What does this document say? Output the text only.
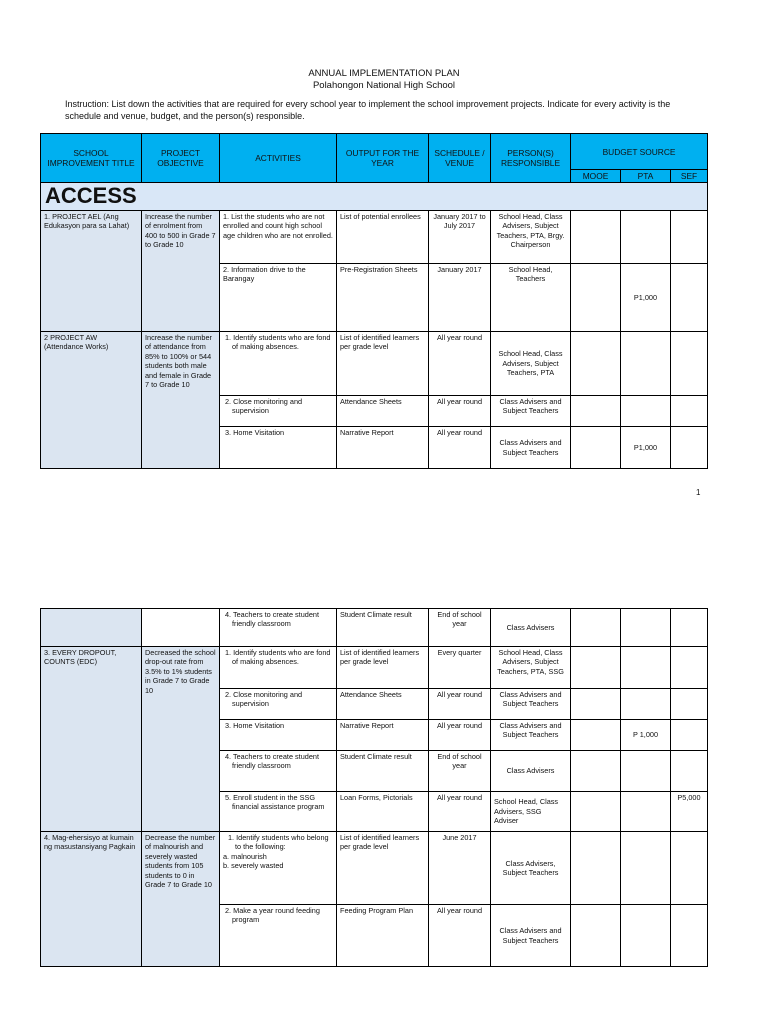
ANNUAL IMPLEMENTATION PLAN
Polahongon National High School
Instruction: List down the activities that are required for every school year to implement the school improvement projects. Indicate for every activity is the schedule and venue, budget, and the person(s) responsible.
SCHOOL IMPROVEMENT TITLE	PROJECT OBJECTIVE	ACTIVITIES	OUTPUT FOR THE YEAR	SCHEDULE / VENUE	PERSON(S) RESPONSIBLE	BUDGET SOURCE		
						MOOE	PTA	SEF
ACCESS								
1. PROJECT AEL (Ang Edukasyon para sa Lahat)	Increase the number of enrolment from 400 to 500 in Grade 7 to Grade 10	1. List the students who are not enrolled and count high school age children who are not enrolled.	List of potential enrollees	January 2017 to July 2017	School Head, Class Advisers, Subject Teachers, PTA, Brgy. Chairperson			
		2. Information drive to the Barangay	Pre-Registration Sheets	January 2017	School Head, Teachers		P1,000	
2 PROJECT AW (Attendance Works)	Increase the number of attendance from 85% to 100% or 544 students both male and female in Grade 7 to Grade 10	1. Identify students who are fond of making absences.	List of identified learners per grade level	All year round	School Head, Class Advisers, Subject Teachers, PTA			
		2. Close monitoring and supervision	Attendance Sheets	All year round	Class Advisers and Subject Teachers			
		3. Home Visitation	Narrative Report	All year round	Class Advisers and Subject Teachers		P1,000	
1
		4. Teachers to create student friendly classroom	Student Climate result	End of school year	Class Advisers			
3. EVERY DROPOUT, COUNTS (EDC)	Decreased the school drop-out rate from 3.5% to 1% students in Grade 7 to Grade 10	1. Identify students who are fond of making absences.	List of identified learners per grade level	Every quarter	School Head, Class Advisers, Subject Teachers, PTA, SSG			
		2. Close monitoring and supervision	Attendance Sheets	All year round	Class Advisers and Subject Teachers			
		3. Home Visitation	Narrative Report	All year round	Class Advisers and Subject Teachers		P 1,000	
		4. Teachers to create student friendly classroom	Student Climate result	End of school year	Class Advisers			
		5. Enroll student in the SSG financial assistance program	Loan Forms, Pictorials	All year round	School Head, Class Advisers, SSG Adviser			P5,000
4. Mag-ehersisyo at kumain ng masustansiyang Pagkain	Decrease the number of malnourish and severely wasted students from 105 students to 0 in Grade 7 to Grade 10	1. Identify students who belong to the following:
a. malnourish
b. severely wasted	List of identified learners per grade level	June 2017	Class Advisers, Subject Teachers			
		2. Make a year round feeding program	Feeding Program Plan	All year round	Class Advisers and Subject Teachers			
